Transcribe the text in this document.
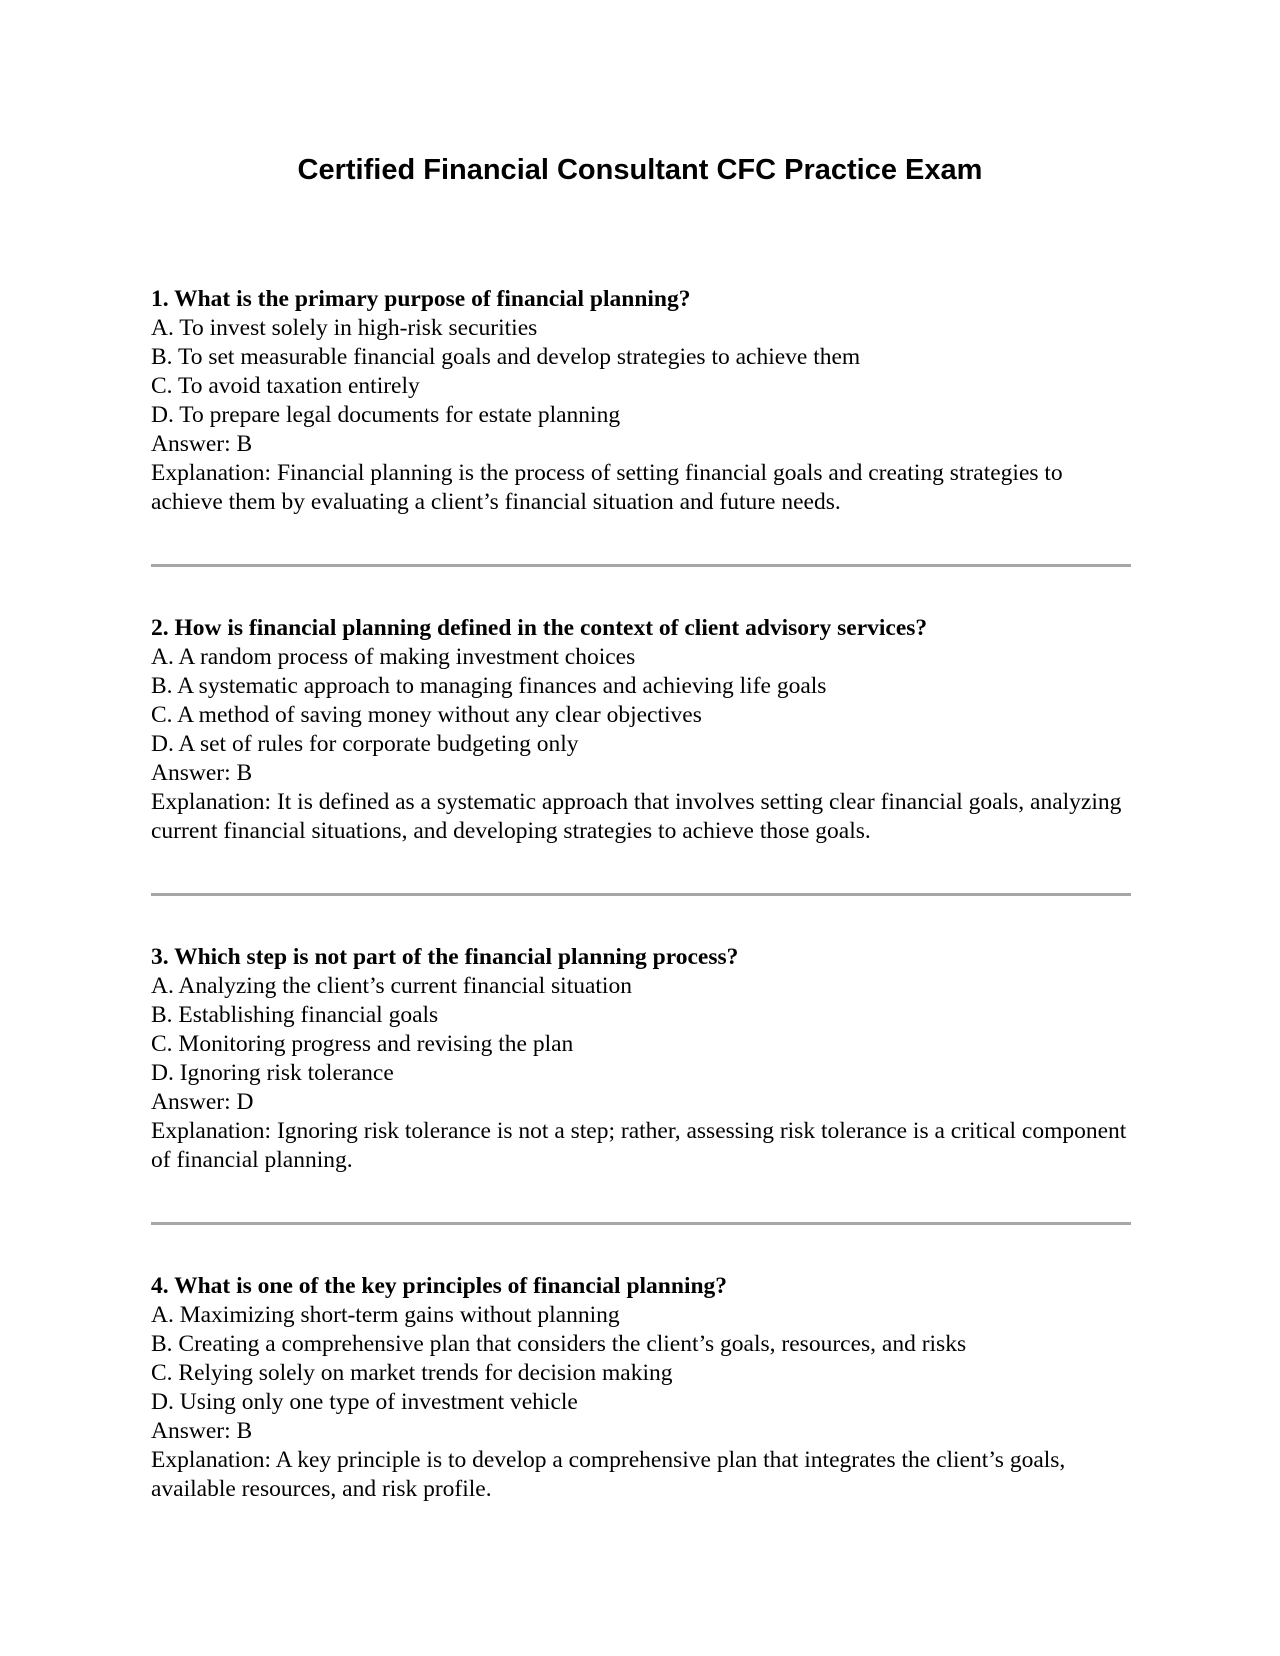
Certified Financial Consultant CFC Practice Exam

1. What is the primary purpose of financial planning?

A. To invest solely in high-risk securities

B. To set measurable financial goals and develop strategies to achieve them

C. To avoid taxation entirely

D. To prepare legal documents for estate planning

Answer: B

Explanation: Financial planning is the process of setting financial goals and creating strategies to achieve them by evaluating a client’s financial situation and future needs.

2. How is financial planning defined in the context of client advisory services?

A. A random process of making investment choices

B. A systematic approach to managing finances and achieving life goals

C. A method of saving money without any clear objectives

D. A set of rules for corporate budgeting only

Answer: B

Explanation: It is defined as a systematic approach that involves setting clear financial goals, analyzing current financial situations, and developing strategies to achieve those goals.

3. Which step is not part of the financial planning process?

A. Analyzing the client’s current financial situation

B. Establishing financial goals

C. Monitoring progress and revising the plan

D. Ignoring risk tolerance

Answer: D

Explanation: Ignoring risk tolerance is not a step; rather, assessing risk tolerance is a critical component of financial planning.

4. What is one of the key principles of financial planning?

A. Maximizing short-term gains without planning

B. Creating a comprehensive plan that considers the client’s goals, resources, and risks

C. Relying solely on market trends for decision making

D. Using only one type of investment vehicle

Answer: B

Explanation: A key principle is to develop a comprehensive plan that integrates the client’s goals, available resources, and risk profile.
